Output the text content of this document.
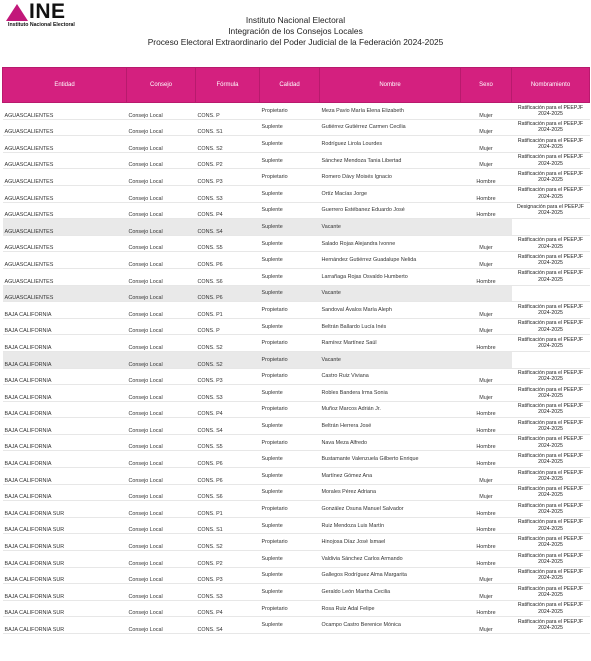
INE
Instituto Nacional Electoral	Instituto Nacional Electoral
Integración de los Consejos Locales
Proceso Electoral Extraordinario del Poder Judicial de la Federación 2024-2025
Entidad	Consejo	Fórmula	Calidad	Nombre	Sexo	Nombramiento
AGUASCALIENTES	Consejo Local	CONS. P	Propietario	Meza Pavio María Elena Elizabeth	Mujer	Ratificación para el PEEPJF 2024-2025
AGUASCALIENTES	Consejo Local	CONS. S1	Suplente	Gutiérrez Gutiérrez Carmen Cecilia	Mujer	Ratificación para el PEEPJF 2024-2025
AGUASCALIENTES	Consejo Local	CONS. S2	Suplente	Rodríguez Lirola Lourdes	Mujer	Ratificación para el PEEPJF 2024-2025
AGUASCALIENTES	Consejo Local	CONS. P2	Suplente	Sánchez Mendoza Tania Libertad	Mujer	Ratificación para el PEEPJF 2024-2025
AGUASCALIENTES	Consejo Local	CONS. P3	Propietario	Romero Dávy Moisés Ignacio	Hombre	Ratificación para el PEEPJF 2024-2025
AGUASCALIENTES	Consejo Local	CONS. S3	Suplente	Ortíz Macías Jorge	Hombre	Ratificación para el PEEPJF 2024-2025
AGUASCALIENTES	Consejo Local	CONS. P4	Suplente	Guerrero Estébanez Eduardo José	Hombre	Designación para el PEEPJF 2024-2025
AGUASCALIENTES	Consejo Local	CONS. S4	Suplente	Vacante		
AGUASCALIENTES	Consejo Local	CONS. S5	Suplente	Salado Rojas Alejandra Ivonne	Mujer	Ratificación para el PEEPJF 2024-2025
AGUASCALIENTES	Consejo Local	CONS. P6	Suplente	Hernández Gutiérrez Guadalupe Nelida	Mujer	Ratificación para el PEEPJF 2024-2025
AGUASCALIENTES	Consejo Local	CONS. S6	Suplente	Larrañaga Rojas Osvaldo Humberto	Hombre	Ratificación para el PEEPJF 2024-2025
AGUASCALIENTES	Consejo Local	CONS. P6	Suplente	Vacante		
BAJA CALIFORNIA	Consejo Local	CONS. P1	Propietario	Sandoval Ávalos María Aleph	Mujer	Ratificación para el PEEPJF 2024-2025
BAJA CALIFORNIA	Consejo Local	CONS. P	Suplente	Beltrán Ballardo Lucía Inés	Mujer	Ratificación para el PEEPJF 2024-2025
BAJA CALIFORNIA	Consejo Local	CONS. S2	Propietario	Ramírez Martínez Saúl	Hombre	Ratificación para el PEEPJF 2024-2025
BAJA CALIFORNIA	Consejo Local	CONS. S2	Propietario	Vacante		
BAJA CALIFORNIA	Consejo Local	CONS. P3	Propietario	Castro Ruiz Viviana	Mujer	Ratificación para el PEEPJF 2024-2025
BAJA CALIFORNIA	Consejo Local	CONS. S3	Suplente	Robles Bandera Irma Sonia	Mujer	Ratificación para el PEEPJF 2024-2025
BAJA CALIFORNIA	Consejo Local	CONS. P4	Propietario	Muñoz Marcos Adrián Jr.	Hombre	Ratificación para el PEEPJF 2024-2025
BAJA CALIFORNIA	Consejo Local	CONS. S4	Suplente	Beltrán Herrera José	Hombre	Ratificación para el PEEPJF 2024-2025
BAJA CALIFORNIA	Consejo Local	CONS. S5	Propietario	Nava Meza Alfredo	Hombre	Ratificación para el PEEPJF 2024-2025
BAJA CALIFORNIA	Consejo Local	CONS. P6	Suplente	Bustamante Valenzuela Gilberto Enrique	Hombre	Ratificación para el PEEPJF 2024-2025
BAJA CALIFORNIA	Consejo Local	CONS. P6	Suplente	Martínez Gómez Ana	Mujer	Ratificación para el PEEPJF 2024-2025
BAJA CALIFORNIA	Consejo Local	CONS. S6	Suplente	Morales Pérez Adriana	Mujer	Ratificación para el PEEPJF 2024-2025
BAJA CALIFORNIA SUR	Consejo Local	CONS. P1	Propietario	González Osuna Manuel Salvador	Hombre	Ratificación para el PEEPJF 2024-2025
BAJA CALIFORNIA SUR	Consejo Local	CONS. S1	Suplente	Ruiz Mendoza Luis Martín	Hombre	Ratificación para el PEEPJF 2024-2025
BAJA CALIFORNIA SUR	Consejo Local	CONS. S2	Propietario	Hinojosa Díaz José Ismael	Hombre	Ratificación para el PEEPJF 2024-2025
BAJA CALIFORNIA SUR	Consejo Local	CONS. P2	Suplente	Valdivia Sánchez Carlos Armando	Hombre	Ratificación para el PEEPJF 2024-2025
BAJA CALIFORNIA SUR	Consejo Local	CONS. P3	Suplente	Gallegos Rodríguez Alma Margarita	Mujer	Ratificación para el PEEPJF 2024-2025
BAJA CALIFORNIA SUR	Consejo Local	CONS. S3	Suplente	Geraldo León Martha Cecilia	Mujer	Ratificación para el PEEPJF 2024-2025
BAJA CALIFORNIA SUR	Consejo Local	CONS. P4	Propietario	Rosa Ruiz Adal Felipe	Hombre	Ratificación para el PEEPJF 2024-2025
BAJA CALIFORNIA SUR	Consejo Local	CONS. S4	Suplente	Ocampo Castro Berenice Mónica	Mujer	Ratificación para el PEEPJF 2024-2025
